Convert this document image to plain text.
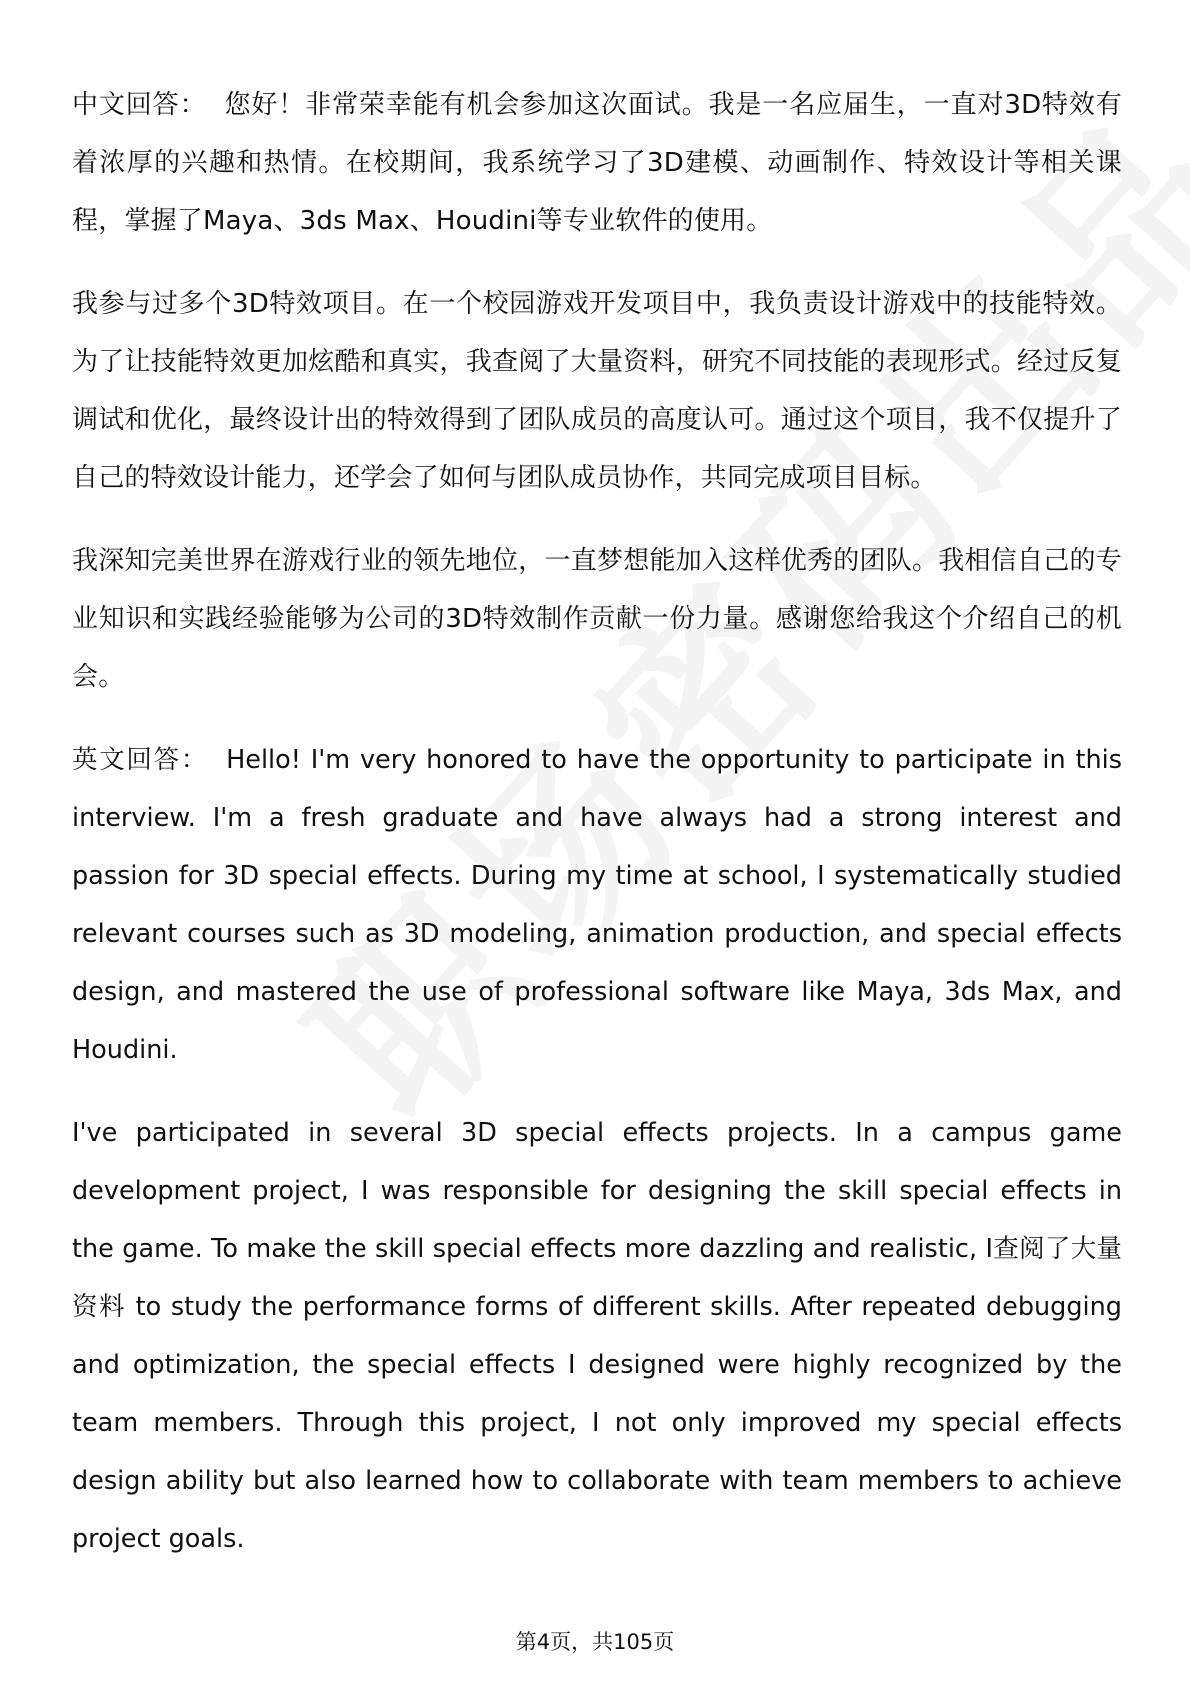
中文回答： 您好！非常荣幸能有机会参加这次面试。我是一名应届生，一直对3D特效有着浓厚的兴趣和热情。在校期间，我系统学习了3D建模、动画制作、特效设计等相关课程，掌握了Maya、3ds Max、Houdini等专业软件的使用。

我参与过多个3D特效项目。在一个校园游戏开发项目中，我负责设计游戏中的技能特效。为了让技能特效更加炫酷和真实，我查阅了大量资料，研究不同技能的表现形式。经过反复调试和优化，最终设计出的特效得到了团队成员的高度认可。通过这个项目，我不仅提升了自己的特效设计能力，还学会了如何与团队成员协作，共同完成项目目标。

我深知完美世界在游戏行业的领先地位，一直梦想能加入这样优秀的团队。我相信自己的专业知识和实践经验能够为公司的3D特效制作贡献一份力量。感谢您给我这个介绍自己的机会。

英文回答： Hello! I'm very honored to have the opportunity to participate in this interview. I'm a fresh graduate and have always had a strong interest and passion for 3D special effects. During my time at school, I systematically studied relevant courses such as 3D modeling, animation production, and special effects design, and mastered the use of professional software like Maya, 3ds Max, and Houdini.

I've participated in several 3D special effects projects. In a campus game development project, I was responsible for designing the skill special effects in the game. To make the skill special effects more dazzling and realistic, I查阅了大量资料 to study the performance forms of different skills. After repeated debugging and optimization, the special effects I designed were highly recognized by the team members. Through this project, I not only improved my special effects design ability but also learned how to collaborate with team members to achieve project goals.

第4页，共105页
